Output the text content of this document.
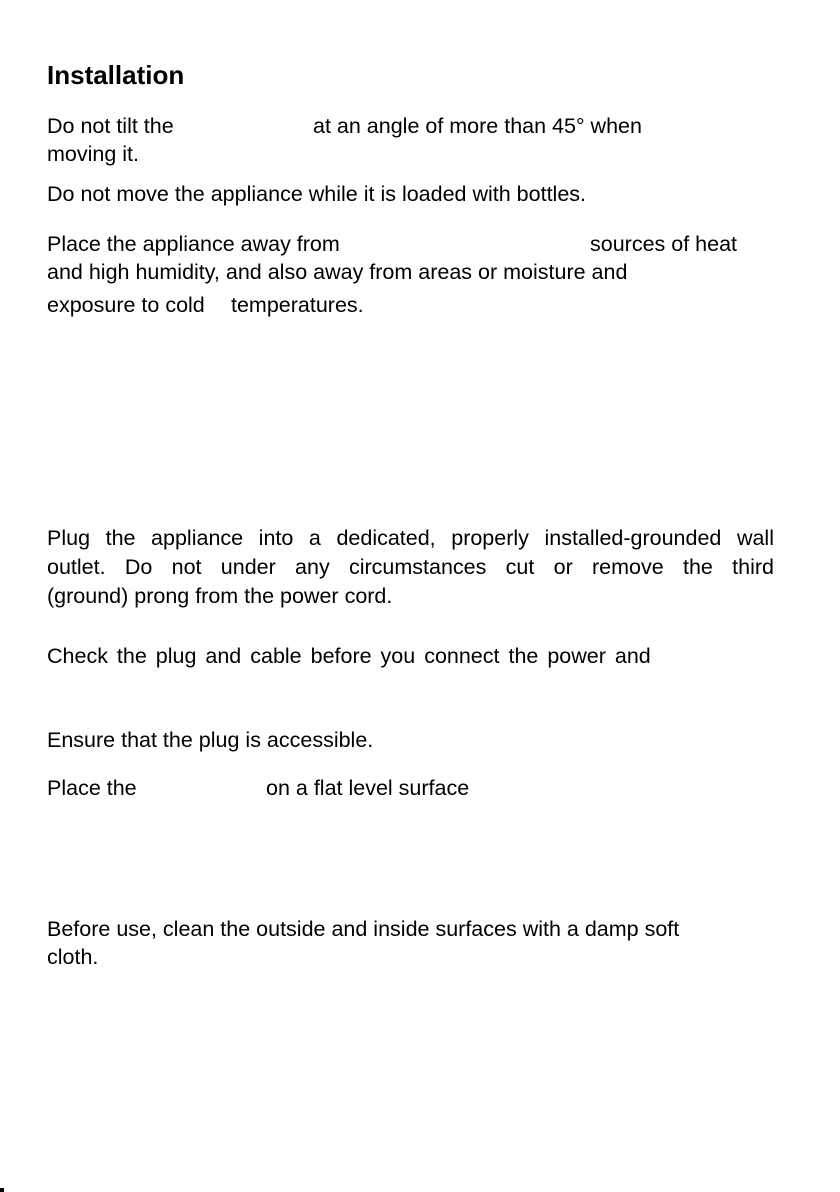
Installation
Do not tilt the	at an angle of more than 45° when
moving it.
Do not move the appliance while it is loaded with bottles.
Place the appliance away from	sources of heat
and high humidity, and also away from areas or moisture and
exposure to cold temperatures.
Plug the appliance into a dedicated, properly installed-grounded wall
outlet. Do not under any circumstances cut or remove the third
(ground) prong from the power cord.
Check the plug and cable before you connect the power and
Ensure that the plug is accessible.
Place the	on a flat level surface
Before use, clean the outside and inside surfaces with a damp soft
cloth.
